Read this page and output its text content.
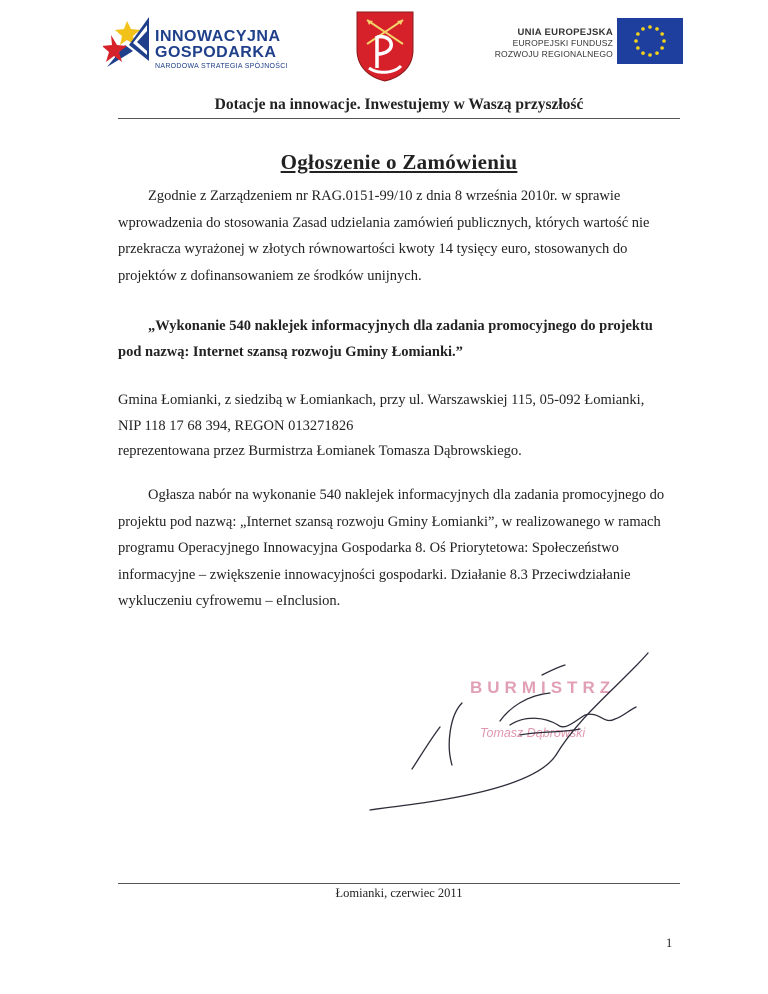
INNOWACYJNA
GOSPODARKA
NARODOWA STRATEGIA SPÓJNOŚCI
UNIA EUROPEJSKA
EUROPEJSKI FUNDUSZ
ROZWOJU REGIONALNEGO
Dotacje na innowacje. Inwestujemy w Waszą przyszłość
Ogłoszenie o Zamówieniu
Zgodnie z Zarządzeniem nr RAG.0151-99/10 z dnia 8 września 2010r. w sprawie
wprowadzenia do stosowania Zasad udzielania zamówień publicznych, których wartość nie
przekracza wyrażonej w złotych równowartości kwoty 14 tysięcy euro, stosowanych do
projektów z dofinansowaniem ze środków unijnych.
„Wykonanie 540 naklejek informacyjnych dla zadania promocyjnego do projektu
pod nazwą: Internet szansą rozwoju Gminy Łomianki.”
Gmina Łomianki, z siedzibą w Łomiankach, przy ul. Warszawskiej 115, 05-092 Łomianki,
NIP 118 17 68 394, REGON 013271826
reprezentowana przez Burmistrza Łomianek Tomasza Dąbrowskiego.
Ogłasza nabór na wykonanie 540 naklejek informacyjnych dla zadania promocyjnego do
projektu pod nazwą: „Internet szansą rozwoju Gminy Łomianki”, w realizowanego w ramach
programu Operacyjnego Innowacyjna Gospodarka 8. Oś Priorytetowa: Społeczeństwo
informacyjne – zwiększenie innowacyjności gospodarki. Działanie 8.3 Przeciwdziałanie
wykluczeniu cyfrowemu – eInclusion.
BURMISTRZ
Tomasz Dąbrowski
Łomianki, czerwiec 2011
1
